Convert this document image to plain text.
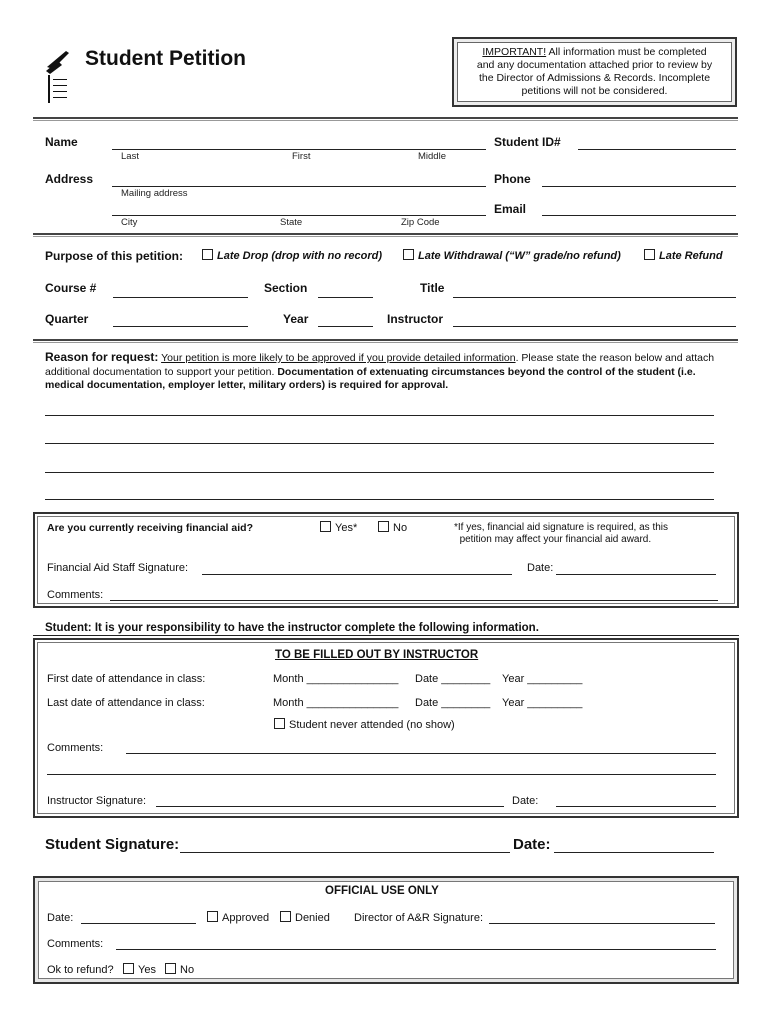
Student Petition	IMPORTANT! All information must be completed
and any documentation attached prior to review by
the Director of Admissions & Records. Incomplete
petitions will not be considered.
Name
Last	First	Middle
Student ID#
Address
Mailing address
Phone
City	State	Zip Code
Email
Purpose of this petition:	Late Drop (drop with no record)	Late Withdrawal (“W” grade/no refund)	Late Refund
Course #	Section	Title
Quarter	Year	Instructor
Reason for request: Your petition is more likely to be approved if you provide detailed information. Please state the reason below and attach additional documentation to support your petition. Documentation of extenuating circumstances beyond the control of the student (i.e. medical documentation, employer letter, military orders) is required for approval.
Are you currently receiving financial aid?	Yes*	No	*If yes, financial aid signature is required, as this
petition may affect your financial aid award.
Financial Aid Staff Signature:	Date:
Comments:
Student: It is your responsibility to have the instructor complete the following information.
TO BE FILLED OUT BY INSTRUCTOR
First date of attendance in class:	Month _______________ Date ________ Year _________
Last date of attendance in class:	Month _______________ Date ________ Year _________
Student never attended (no show)
Comments:
Instructor Signature:	Date:
Student Signature:	Date:
OFFICIAL USE ONLY
Date:	Approved	Denied Director of A&R Signature:
Comments:
Ok to refund?	Yes	No
